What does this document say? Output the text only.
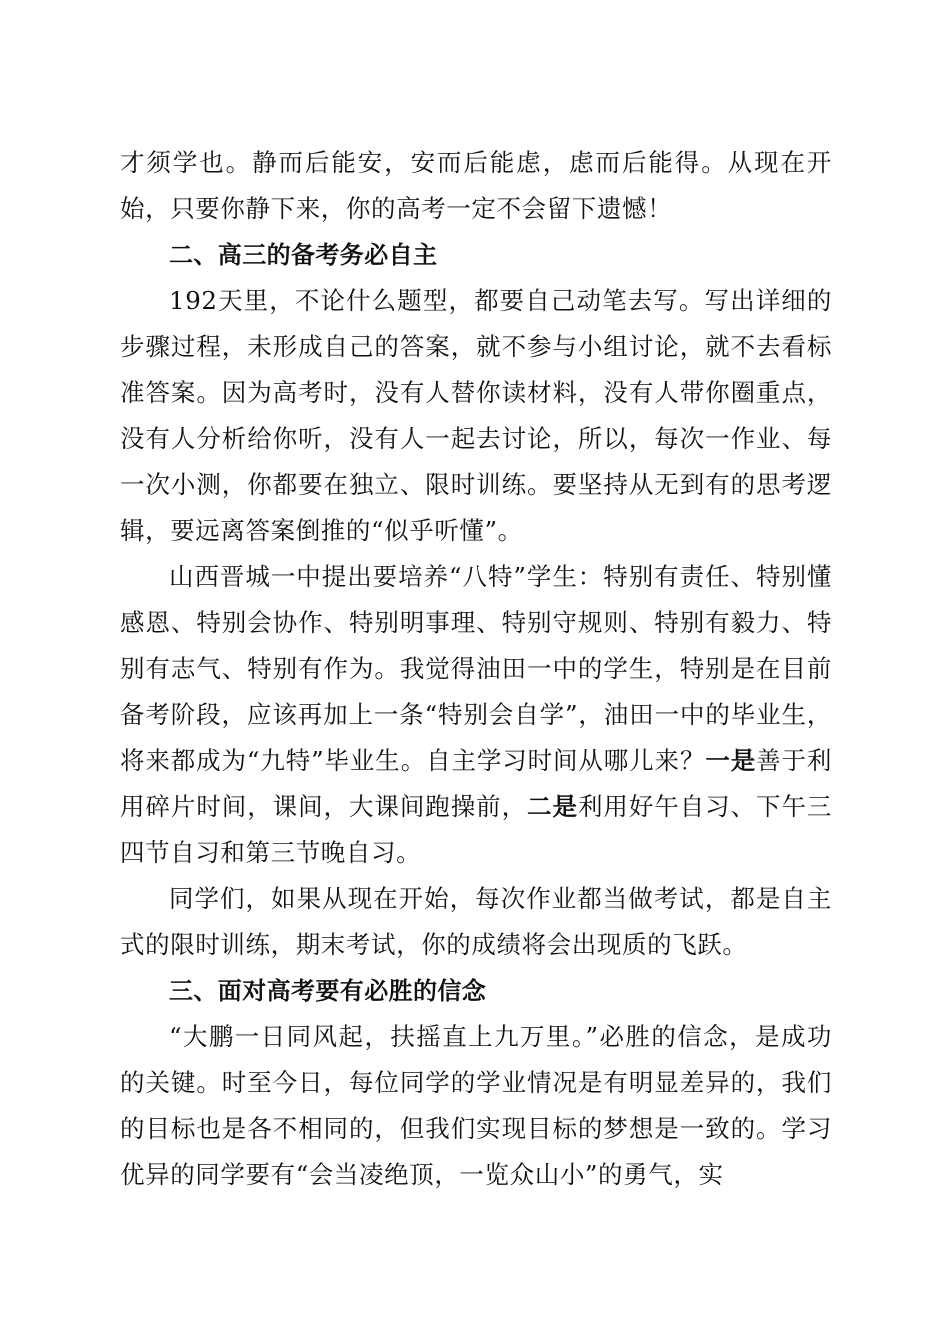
才须学也。静而后能安，安而后能虑，虑而后能得。从现在开始，只要你静下来，你的高考一定不会留下遗憾！

二、高三的备考务必自主

192天里，不论什么题型，都要自己动笔去写。写出详细的步骤过程，未形成自己的答案，就不参与小组讨论，就不去看标准答案。因为高考时，没有人替你读材料，没有人带你圈重点，没有人分析给你听，没有人一起去讨论，所以，每次一作业、每一次小测，你都要在独立、限时训练。要坚持从无到有的思考逻辑，要远离答案倒推的“似乎听懂”。

山西晋城一中提出要培养“八特”学生：特别有责任、特别懂感恩、特别会协作、特别明事理、特别守规则、特别有毅力、特别有志气、特别有作为。我觉得油田一中的学生，特别是在目前备考阶段，应该再加上一条“特别会自学”，油田一中的毕业生，将来都成为“九特”毕业生。自主学习时间从哪儿来？一是善于利用碎片时间，课间，大课间跑操前，二是利用好午自习、下午三四节自习和第三节晚自习。

同学们，如果从现在开始，每次作业都当做考试，都是自主式的限时训练，期末考试，你的成绩将会出现质的飞跃。

三、面对高考要有必胜的信念

“大鹏一日同风起，扶摇直上九万里。”必胜的信念，是成功的关键。时至今日，每位同学的学业情况是有明显差异的，我们的目标也是各不相同的，但我们实现目标的梦想是一致的。学习优异的同学要有“会当凌绝顶，一览众山小”的勇气，实
